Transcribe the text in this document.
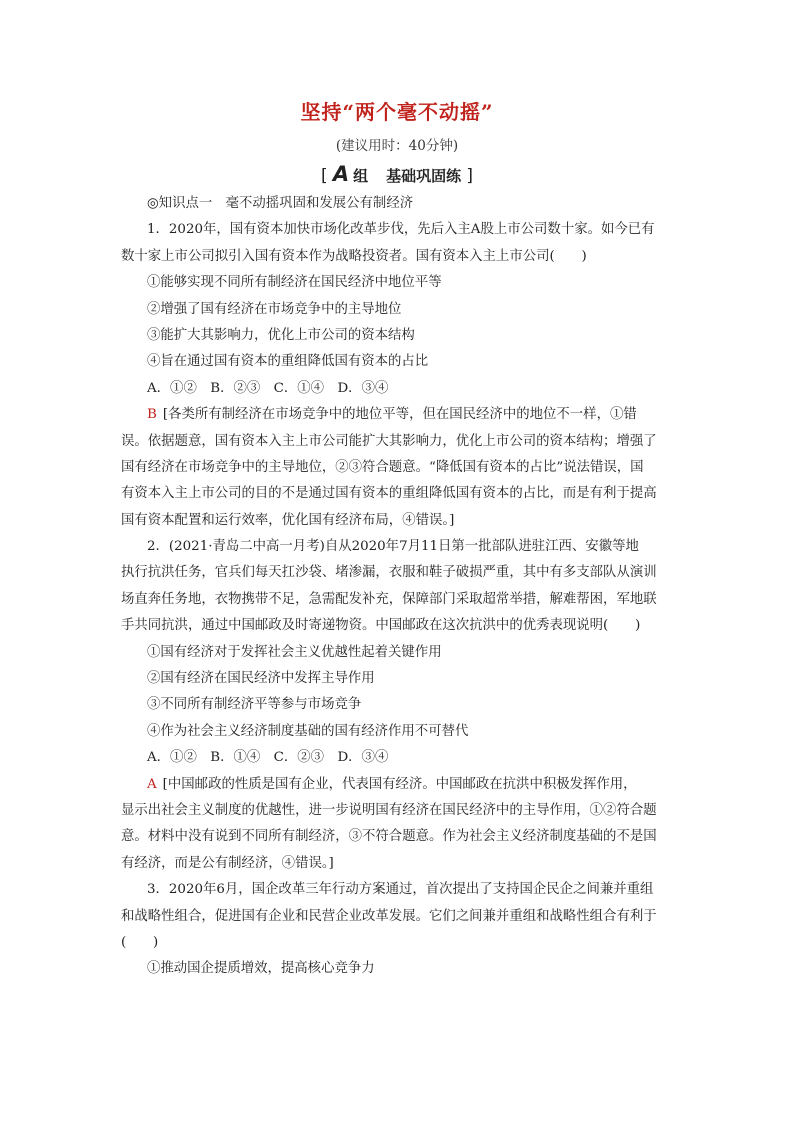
坚持“两个毫不动摇”
(建议用时：40分钟)
[ A 组 基础巩固练 ]
◎知识点一　毫不动摇巩固和发展公有制经济
1．2020年，国有资本加快市场化改革步伐，先后入主A股上市公司数十家。如今已有
数十家上市公司拟引入国有资本作为战略投资者。国有资本入主上市公司(　　)
①能够实现不同所有制经济在国民经济中地位平等
②增强了国有经济在市场竞争中的主导地位
③能扩大其影响力，优化上市公司的资本结构
④旨在通过国有资本的重组降低国有资本的占比
A．①②　B．②③　C．①④　D．③④
B [各类所有制经济在市场竞争中的地位平等，但在国民经济中的地位不一样，①错
误。依据题意，国有资本入主上市公司能扩大其影响力，优化上市公司的资本结构；增强了
国有经济在市场竞争中的主导地位，②③符合题意。“降低国有资本的占比”说法错误，国
有资本入主上市公司的目的不是通过国有资本的重组降低国有资本的占比，而是有利于提高
国有资本配置和运行效率，优化国有经济布局，④错误。]
2．(2021·青岛二中高一月考)自从2020年7月11日第一批部队进驻江西、安徽等地
执行抗洪任务，官兵们每天扛沙袋、堵渗漏，衣服和鞋子破损严重，其中有多支部队从演训
场直奔任务地，衣物携带不足，急需配发补充，保障部门采取超常举措，解难帮困，军地联
手共同抗洪，通过中国邮政及时寄递物资。中国邮政在这次抗洪中的优秀表现说明(　　)
①国有经济对于发挥社会主义优越性起着关键作用
②国有经济在国民经济中发挥主导作用
③不同所有制经济平等参与市场竞争
④作为社会主义经济制度基础的国有经济作用不可替代
A．①②　B．①④　C．②③　D．③④
A [中国邮政的性质是国有企业，代表国有经济。中国邮政在抗洪中积极发挥作用，
显示出社会主义制度的优越性，进一步说明国有经济在国民经济中的主导作用，①②符合题
意。材料中没有说到不同所有制经济，③不符合题意。作为社会主义经济制度基础的不是国
有经济，而是公有制经济，④错误。]
3．2020年6月，国企改革三年行动方案通过，首次提出了支持国企民企之间兼并重组
和战略性组合，促进国有企业和民营企业改革发展。它们之间兼并重组和战略性组合有利于
(　　)
①推动国企提质增效，提高核心竞争力
